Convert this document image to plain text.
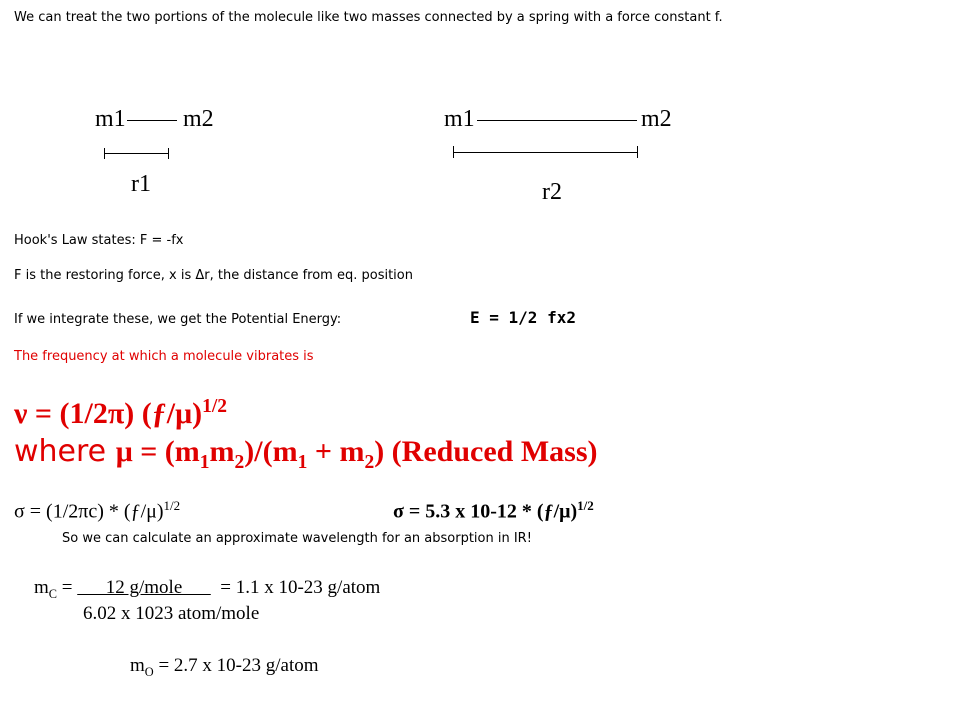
We can treat the two portions of the molecule like two masses connected by a spring with a force constant f.
m1 m2
r1
m1	m2
r2
Hook's Law states: F = -fx
F is the restoring force, x is Δr, the distance from eq. position
If we integrate these, we get the Potential Energy:	E = 1/2 fx2
The frequency at which a molecule vibrates is
ν = (1/2π) (ƒ/μ)$^{1/2}$
where $\mu = (m_1m_2)/(m_1 + m_2)$ (Reduced Mass)
σ = (1/2πc) * (ƒ/μ)$^{1/2}$	σ = 5.3 x 10-12 * (ƒ/μ)$^{1/2}$
So we can calculate an approximate wavelength for an absorption in IR!
$m_C$ =       12 g/mole        = 1.1 x 10-23 g/atom
6.02 x 1023 atom/mole
$m_O = 2.7$ x 10-23 g/atom
